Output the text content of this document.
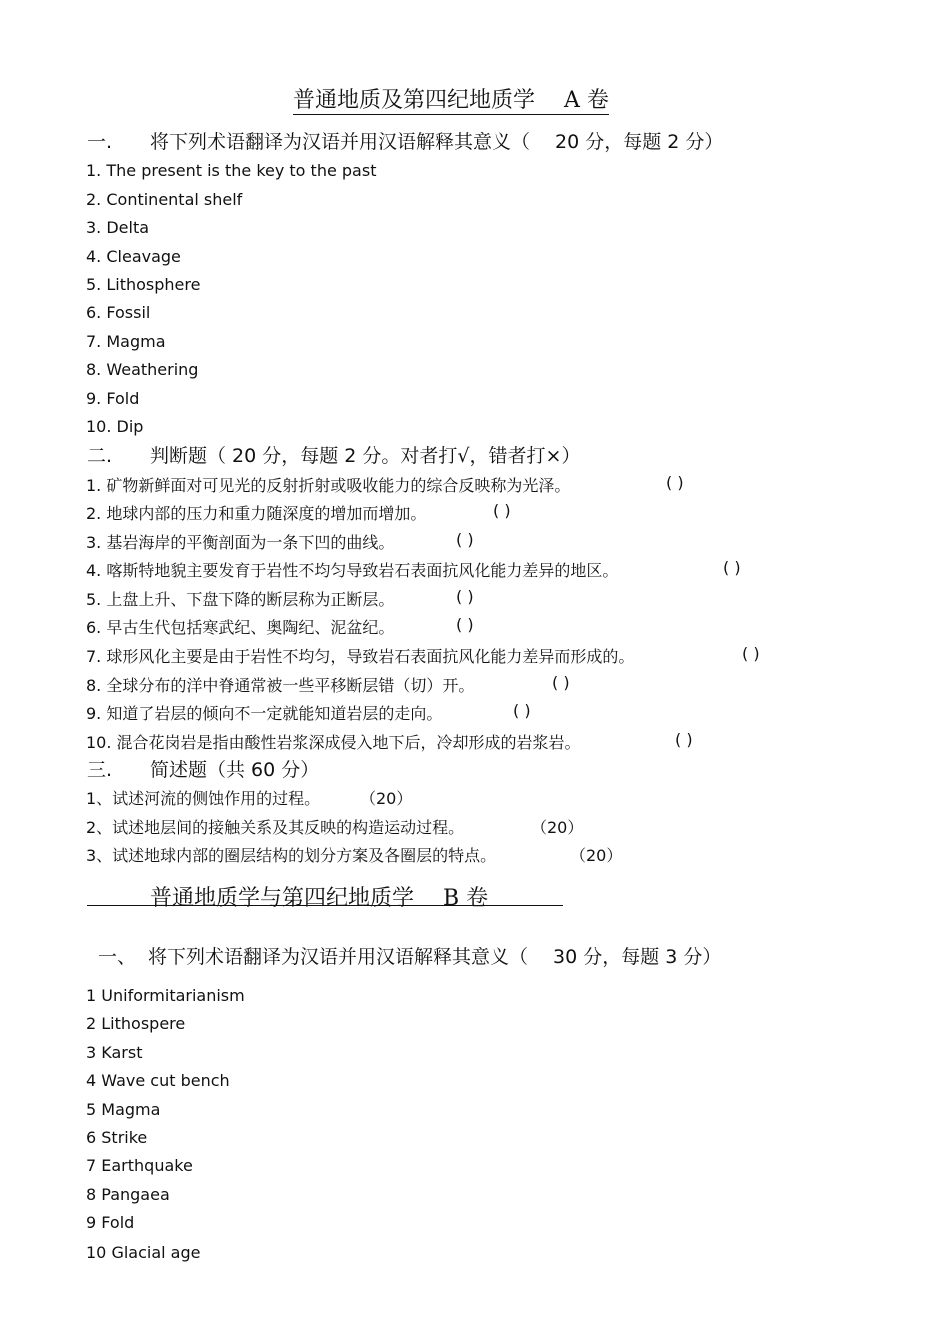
普通地质及第四纪地质学　 A 卷
一. 将下列术语翻译为汉语并用汉语解释其意义（　 20 分，每题 2 分）
1. The present is the key to the past
2. Continental shelf
3. Delta
4. Cleavage
5. Lithosphere
6. Fossil
7. Magma
8. Weathering
9. Fold
10. Dip
二. 判断题（ 20 分，每题 2 分。对者打√，错者打×）
1. 矿物新鲜面对可见光的反射折射或吸收能力的综合反映称为光泽。	( )
2. 地球内部的压力和重力随深度的增加而增加。	( )
3. 基岩海岸的平衡剖面为一条下凹的曲线。	( )
4. 喀斯特地貌主要发育于岩性不均匀导致岩石表面抗风化能力差异的地区。	( )
5. 上盘上升、下盘下降的断层称为正断层。	( )
6. 早古生代包括寒武纪、奥陶纪、泥盆纪。	( )
7. 球形风化主要是由于岩性不均匀，导致岩石表面抗风化能力差异而形成的。	( )
8. 全球分布的洋中脊通常被一些平移断层错（切）开。	( )
9. 知道了岩层的倾向不一定就能知道岩层的走向。	( )
10. 混合花岗岩是指由酸性岩浆深成侵入地下后，冷却形成的岩浆岩。	( )
三. 简述题（共 60 分）
1、试述河流的侧蚀作用的过程。 （20）
2、试述地层间的接触关系及其反映的构造运动过程。	（20）
3、试述地球内部的圈层结构的划分方案及各圈层的特点。	（20）
普通地质学与第四纪地质学　 B 卷
一、 将下列术语翻译为汉语并用汉语解释其意义（　 30 分，每题 3 分）
1 Uniformitarianism
2 Lithospere
3 Karst
4 Wave cut bench
5 Magma
6 Strike
7 Earthquake
8 Pangaea
9 Fold
10 Glacial age
